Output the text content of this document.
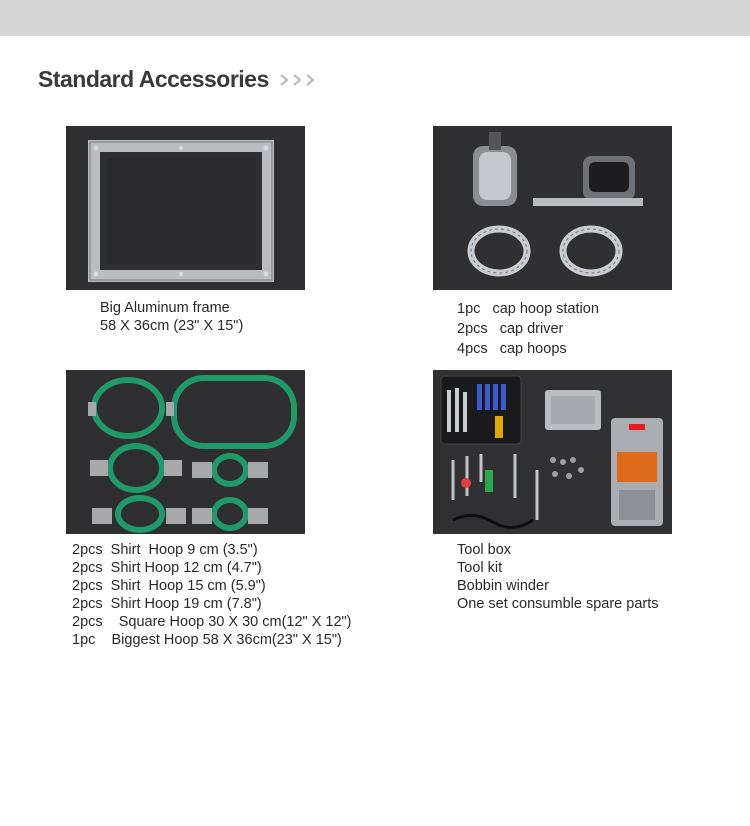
Standard Accessories
Big Aluminum frame
58 X 36cm (23" X 15")
1pc   cap hoop station
2pcs   cap driver
4pcs   cap hoops
2pcs  Shirt  Hoop 9 cm (3.5")
2pcs  Shirt Hoop 12 cm (4.7")
2pcs  Shirt  Hoop 15 cm (5.9")
2pcs  Shirt Hoop 19 cm (7.8")
2pcs    Square Hoop 30 X 30 cm(12" X 12")
1pc    Biggest Hoop 58 X 36cm(23" X 15")
Tool box
Tool kit
Bobbin winder
One set consumble spare parts
